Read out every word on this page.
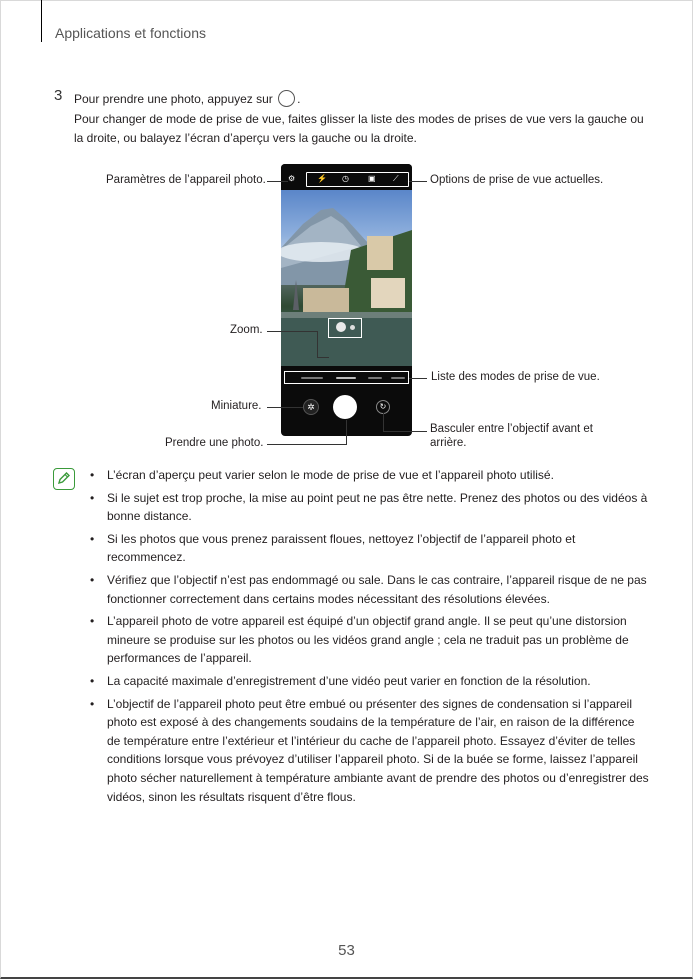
Applications et fonctions
3 Pour prendre une photo, appuyez sur .
Pour changer de mode de prise de vue, faites glisser la liste des modes de prises de vue vers la gauche ou la droite, ou balayez l’écran d’aperçu vers la gauche ou la droite.
⚙	⚡ ◷ ▣ ⟋
✲	↻
Paramètres de l’appareil photo.	Options de prise de vue actuelles.
Zoom.
Liste des modes de prise de vue.
Miniature.
Basculer entre l’objectif avant et
arrière.
Prendre une photo.
• L’écran d’aperçu peut varier selon le mode de prise de vue et l’appareil photo utilisé.
• Si le sujet est trop proche, la mise au point peut ne pas être nette. Prenez des photos ou des vidéos à bonne distance.
• Si les photos que vous prenez paraissent floues, nettoyez l’objectif de l’appareil photo et recommencez.
• Vérifiez que l’objectif n’est pas endommagé ou sale. Dans le cas contraire, l’appareil risque de ne pas fonctionner correctement dans certains modes nécessitant des résolutions élevées.
• L’appareil photo de votre appareil est équipé d’un objectif grand angle. Il se peut qu’une distorsion mineure se produise sur les photos ou les vidéos grand angle ; cela ne traduit pas un problème de performances de l’appareil.
• La capacité maximale d’enregistrement d’une vidéo peut varier en fonction de la résolution.
• L’objectif de l’appareil photo peut être embué ou présenter des signes de condensation si l’appareil photo est exposé à des changements soudains de la température de l’air, en raison de la différence de température entre l’extérieur et l’intérieur du cache de l’appareil photo. Essayez d’éviter de telles conditions lorsque vous prévoyez d’utiliser l’appareil photo. Si de la buée se forme, laissez l’appareil photo sécher naturellement à température ambiante avant de prendre des photos ou d’enregistrer des vidéos, sinon les résultats risquent d’être flous.
53
